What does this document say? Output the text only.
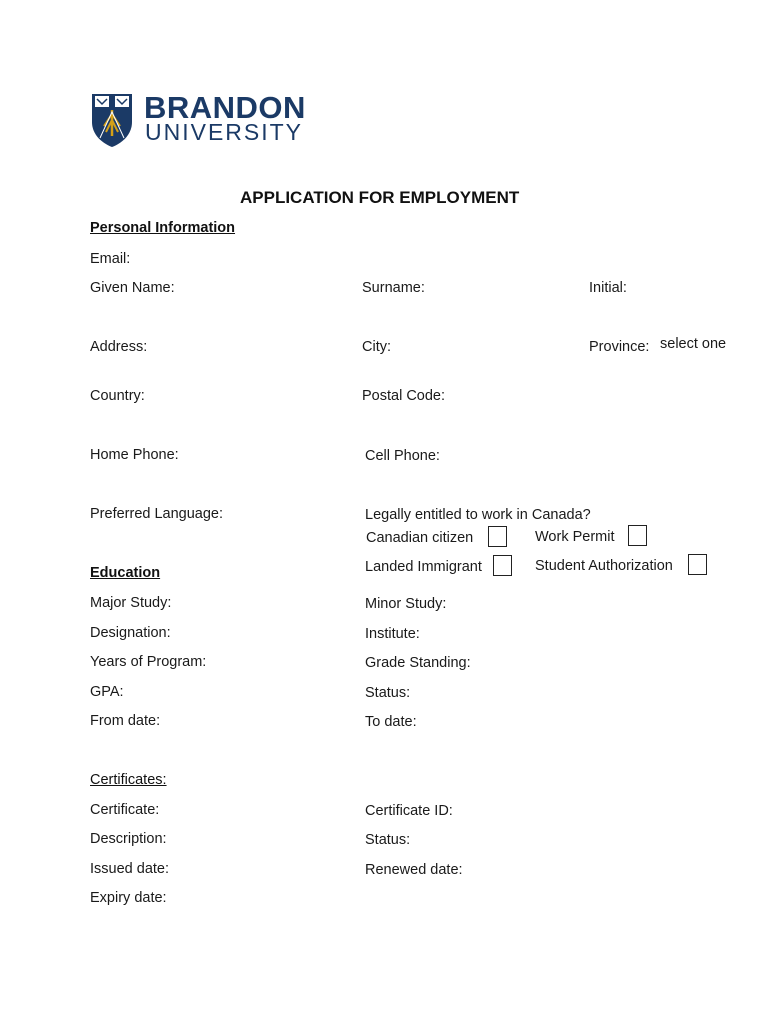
BRANDON
UNIVERSITY
APPLICATION FOR EMPLOYMENT
Personal Information
Email:
Given Name:	Surname:	Initial:
Address:	City:	Province: select one
Country:	Postal Code:
Home Phone:	Cell Phone:
Preferred Language:	Legally entitled to work in Canada?
Canadian citizen	Work Permit
Landed Immigrant	Student Authorization
Education
Major Study:	Minor Study:
Designation:	Institute:
Years of Program:	Grade Standing:
GPA:	Status:
From date:	To date:
Certificates:
Certificate:	Certificate ID:
Description:	Status:
Issued date:	Renewed date:
Expiry date:
